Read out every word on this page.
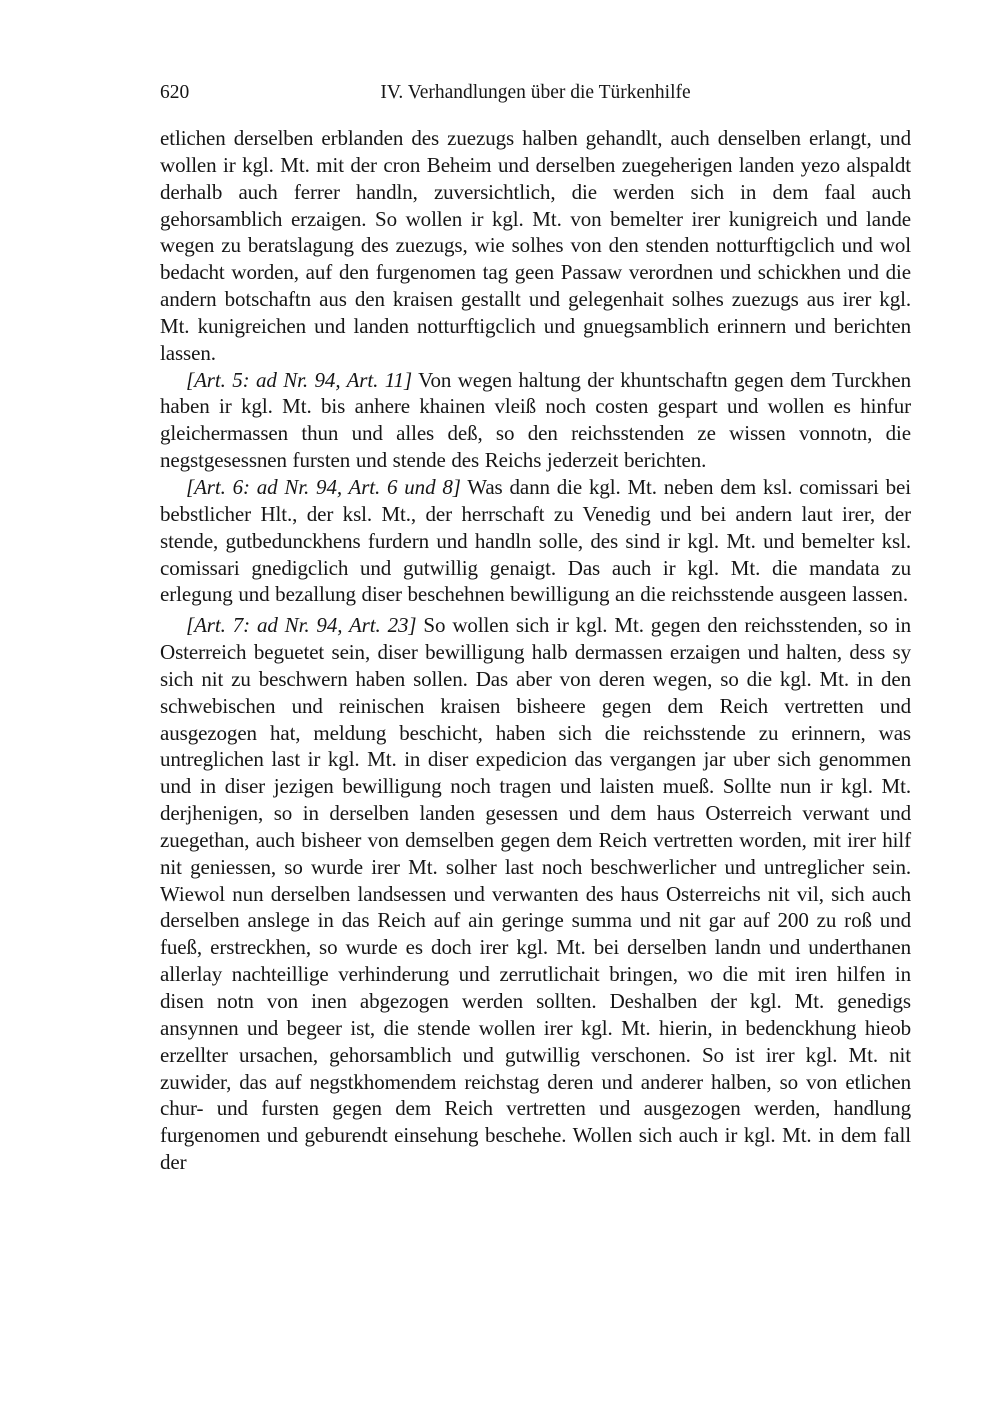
620	IV. Verhandlungen über die Türkenhilfe

etlichen derselben erblanden des zuezugs halben gehandlt, auch denselben erlangt, und wollen ir kgl. Mt. mit der cron Beheim und derselben zuegeherigen landen yezo alspaldt derhalb auch ferrer handln, zuversichtlich, die werden sich in dem faal auch gehorsamblich erzaigen. So wollen ir kgl. Mt. von bemelter irer kunigreich und lande wegen zu beratslagung des zuezugs, wie solhes von den stenden notturftigclich und wol bedacht worden, auf den furgenomen tag geen Passaw verordnen und schickhen und die andern botschaftn aus den kraisen gestallt und gelegenhait solhes zuezugs aus irer kgl. Mt. kunigreichen und landen notturftigclich und gnuegsamblich erinnern und berichten lassen.

[Art. 5: ad Nr. 94, Art. 11] Von wegen haltung der khuntschaftn gegen dem Turckhen haben ir kgl. Mt. bis anhere khainen vleiß noch costen gespart und wollen es hinfur gleichermassen thun und alles deß, so den reichsstenden ze wissen vonnotn, die negstgesessnen fursten und stende des Reichs jederzeit berichten.

[Art. 6: ad Nr. 94, Art. 6 und 8] Was dann die kgl. Mt. neben dem ksl. comissari bei bebstlicher Hlt., der ksl. Mt., der herrschaft zu Venedig und bei andern laut irer, der stende, gutbedunckhens furdern und handln solle, des sind ir kgl. Mt. und bemelter ksl. comissari gnedigclich und gutwillig genaigt. Das auch ir kgl. Mt. die mandata zu erlegung und bezallung diser beschehnen bewilligung an die reichsstende ausgeen lassen.

[Art. 7: ad Nr. 94, Art. 23] So wollen sich ir kgl. Mt. gegen den reichsstenden, so in Osterreich beguetet sein, diser bewilligung halb dermassen erzaigen und halten, dess sy sich nit zu beschwern haben sollen. Das aber von deren wegen, so die kgl. Mt. in den schwebischen und reinischen kraisen bisheere gegen dem Reich vertretten und ausgezogen hat, meldung beschicht, haben sich die reichsstende zu erinnern, was untreglichen last ir kgl. Mt. in diser expedicion das vergangen jar uber sich genommen und in diser jezigen bewilligung noch tragen und laisten mueß. Sollte nun ir kgl. Mt. derjhenigen, so in derselben landen gesessen und dem haus Osterreich verwant und zuegethan, auch bisheer von demselben gegen dem Reich vertretten worden, mit irer hilf nit geniessen, so wurde irer Mt. solher last noch beschwerlicher und untreglicher sein. Wiewol nun derselben landsessen und verwanten des haus Osterreichs nit vil, sich auch derselben anslege in das Reich auf ain geringe summa und nit gar auf 200 zu roß und fueß, erstreckhen, so wurde es doch irer kgl. Mt. bei derselben landn und underthanen allerlay nachteillige verhinderung und zerrutlichait bringen, wo die mit iren hilfen in disen notn von inen abgezogen werden sollten. Deshalben der kgl. Mt. genedigs ansynnen und begeer ist, die stende wollen irer kgl. Mt. hierin, in bedenckhung hieob erzellter ursachen, gehorsamblich und gutwillig verschonen. So ist irer kgl. Mt. nit zuwider, das auf negstkhomendem reichstag deren und anderer halben, so von etlichen chur- und fursten gegen dem Reich vertretten und ausgezogen werden, handlung furgenomen und geburendt einsehung beschehe. Wollen sich auch ir kgl. Mt. in dem fall der
